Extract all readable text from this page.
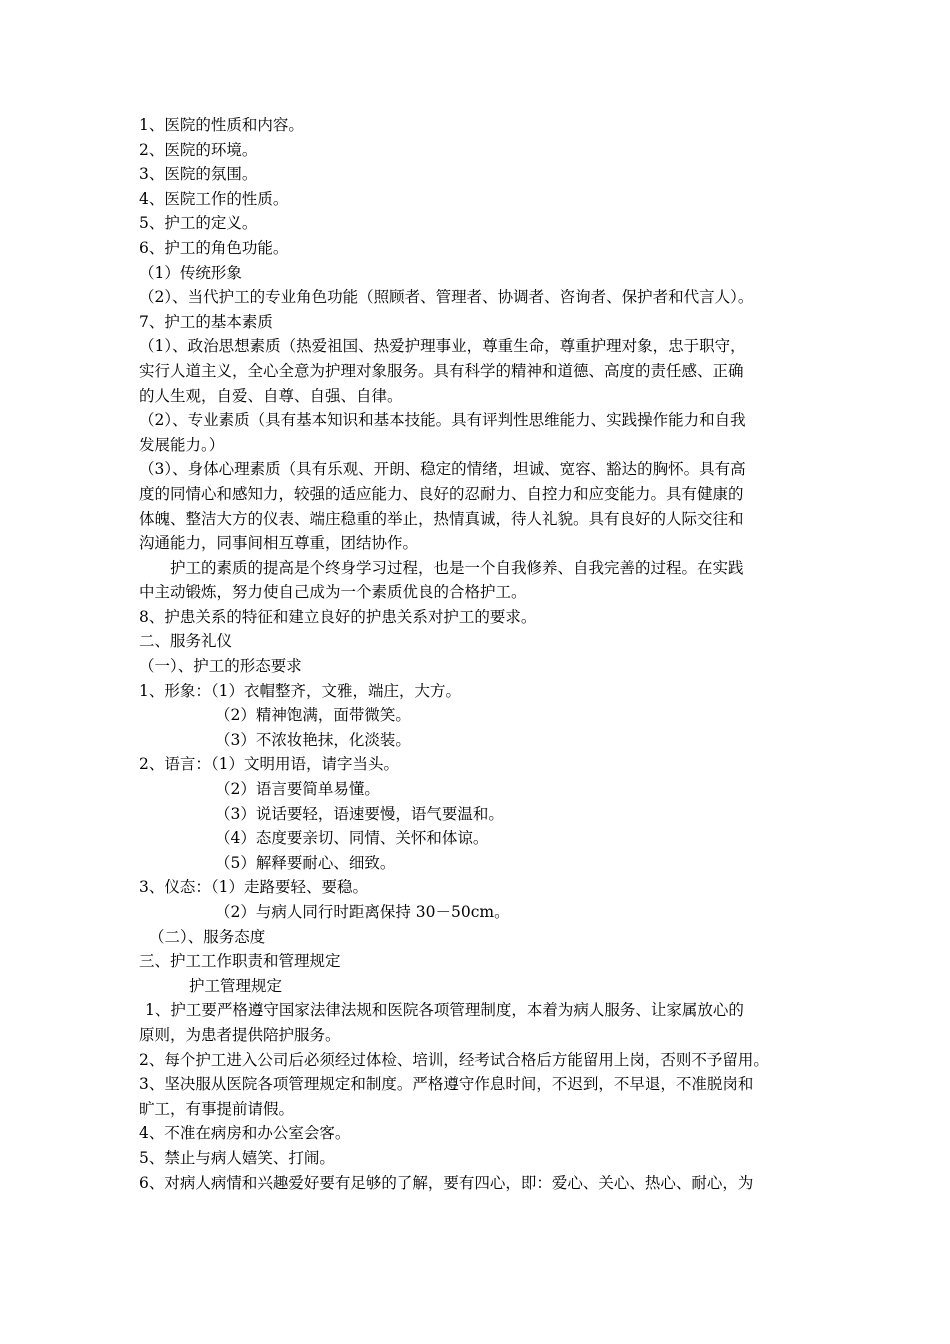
1、医院的性质和内容。
2、医院的环境。
3、医院的氛围。
4、医院工作的性质。
5、护工的定义。
6、护工的角色功能。
（1）传统形象
（2）、当代护工的专业角色功能（照顾者、管理者、协调者、咨询者、保护者和代言人）。
7、护工的基本素质
（1）、政治思想素质（热爱祖国、热爱护理事业，尊重生命，尊重护理对象，忠于职守，
实行人道主义，全心全意为护理对象服务。具有科学的精神和道德、高度的责任感、正确
的人生观，自爱、自尊、自强、自律。
（2）、专业素质（具有基本知识和基本技能。具有评判性思维能力、实践操作能力和自我
发展能力。）
（3）、身体心理素质（具有乐观、开朗、稳定的情绪，坦诚、宽容、豁达的胸怀。具有高
度的同情心和感知力，较强的适应能力、良好的忍耐力、自控力和应变能力。具有健康的
体魄、整洁大方的仪表、端庄稳重的举止，热情真诚，待人礼貌。具有良好的人际交往和
沟通能力，同事间相互尊重，团结协作。
护工的素质的提高是个终身学习过程，也是一个自我修养、自我完善的过程。在实践
中主动锻炼，努力使自己成为一个素质优良的合格护工。
8、护患关系的特征和建立良好的护患关系对护工的要求。
二、服务礼仪
（一）、护工的形态要求
1、形象：（1）衣帽整齐，文雅，端庄，大方。
（2）精神饱满，面带微笑。
（3）不浓妆艳抹，化淡装。
2、语言：（1）文明用语，请字当头。
（2）语言要简单易懂。
（3）说话要轻，语速要慢，语气要温和。
（4）态度要亲切、同情、关怀和体谅。
（5）解释要耐心、细致。
3、仪态：（1）走路要轻、要稳。
（2）与病人同行时距离保持 30－50cm。
（二）、服务态度
三、护工工作职责和管理规定
护工管理规定
1、护工要严格遵守国家法律法规和医院各项管理制度，本着为病人服务、让家属放心的
原则，为患者提供陪护服务。
2、每个护工进入公司后必须经过体检、培训，经考试合格后方能留用上岗，否则不予留用。
3、坚决服从医院各项管理规定和制度。严格遵守作息时间，不迟到，不早退，不准脱岗和
旷工，有事提前请假。
4、不准在病房和办公室会客。
5、禁止与病人嬉笑、打闹。
6、对病人病情和兴趣爱好要有足够的了解，要有四心，即：爱心、关心、热心、耐心，为
